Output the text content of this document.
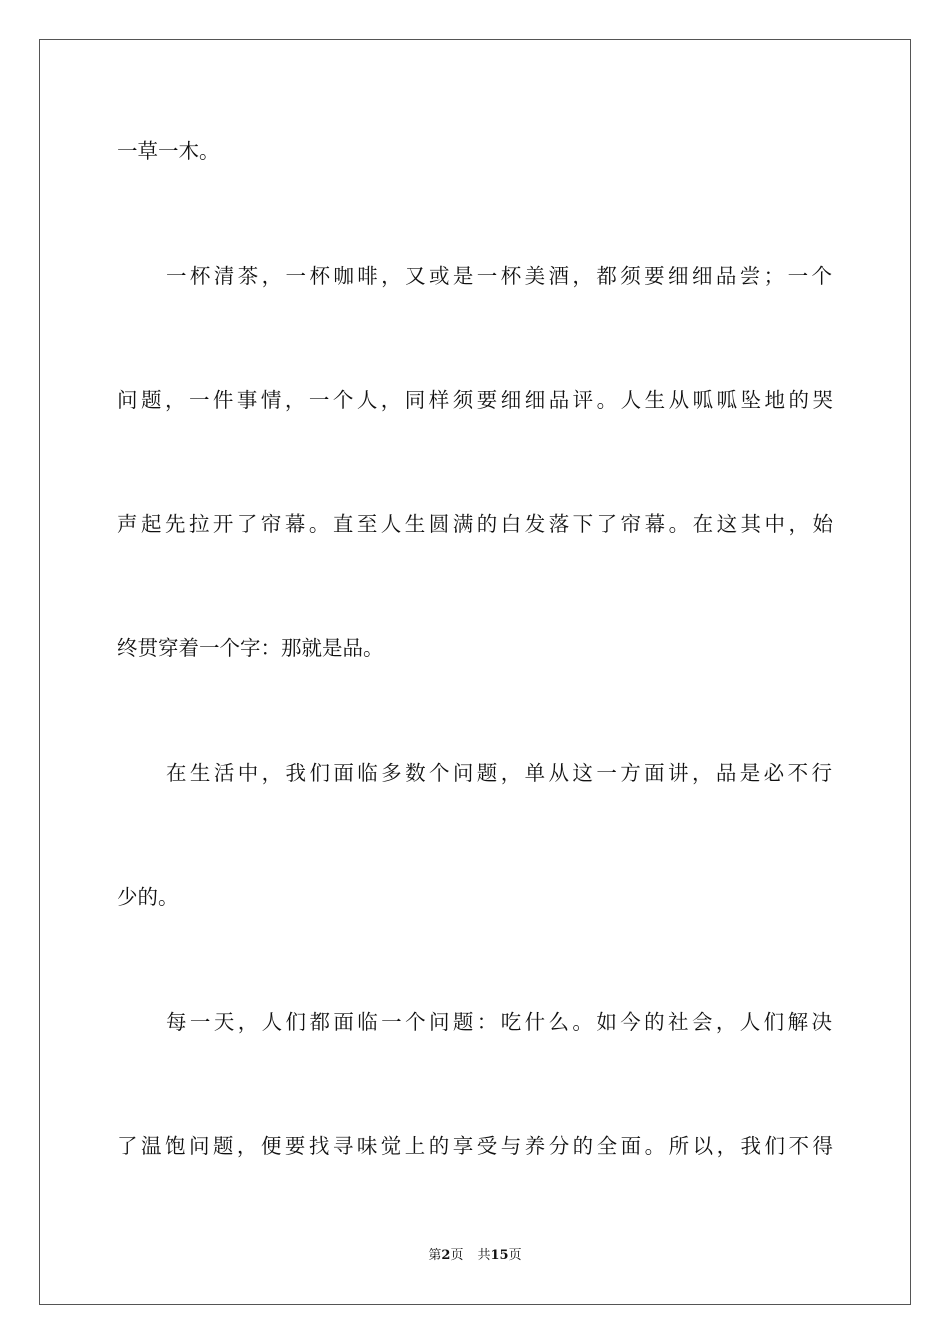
一草一木。
一杯清茶，一杯咖啡，又或是一杯美酒，都须要细细品尝；一个
问题，一件事情，一个人，同样须要细细品评。人生从呱呱坠地的哭
声起先拉开了帘幕。直至人生圆满的白发落下了帘幕。在这其中，始
终贯穿着一个字：那就是品。
在生活中，我们面临多数个问题，单从这一方面讲，品是必不行
少的。
每一天，人们都面临一个问题：吃什么。如今的社会，人们解决
了温饱问题，便要找寻味觉上的享受与养分的全面。所以，我们不得
第2页 共15页
